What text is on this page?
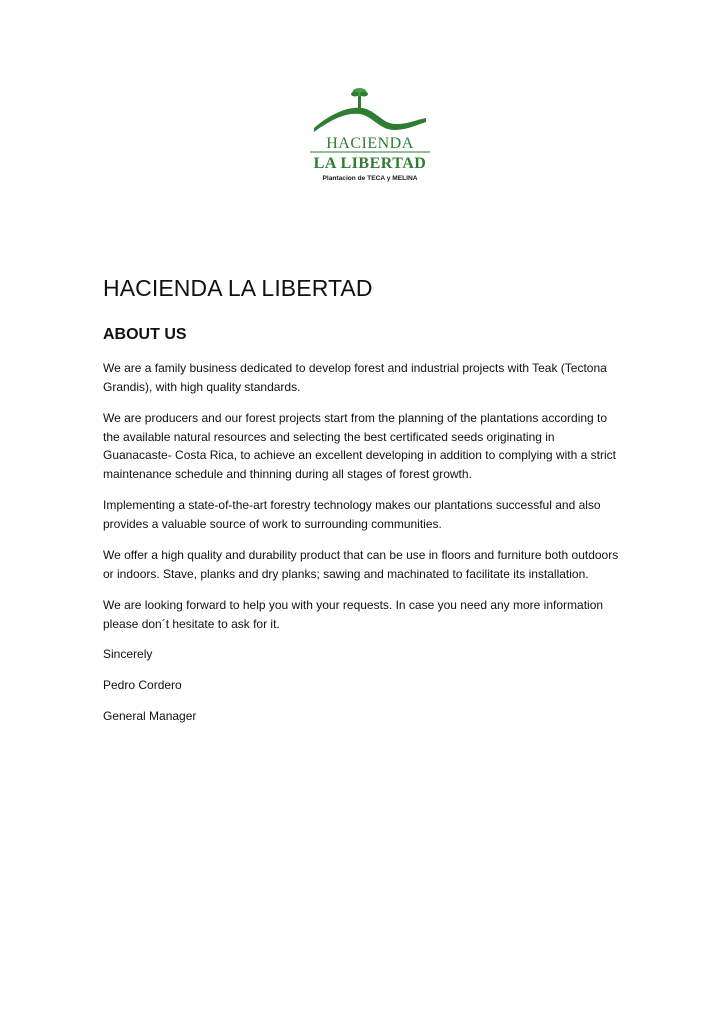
HACIENDA
LA LIBERTAD
Plantacion de TECA y MELINA
HACIENDA LA LIBERTAD
ABOUT US

We are a family business dedicated to develop forest and industrial projects with Teak (Tectona Grandis), with high quality standards.

We are producers and our forest projects start from the planning of the plantations according to the available natural resources and selecting the best certificated seeds originating in Guanacaste- Costa Rica, to achieve an excellent developing in addition to complying with a strict maintenance schedule and thinning during all stages of forest growth.

Implementing a state-of-the-art forestry technology makes our plantations successful and also provides a valuable source of work to surrounding communities.

We offer a high quality and durability product that can be use in floors and furniture both outdoors or indoors. Stave, planks and dry planks; sawing and machinated to facilitate its installation.

We are looking forward to help you with your requests. In case you need any more information please don´t hesitate to ask for it.

Sincerely

Pedro Cordero

General Manager
